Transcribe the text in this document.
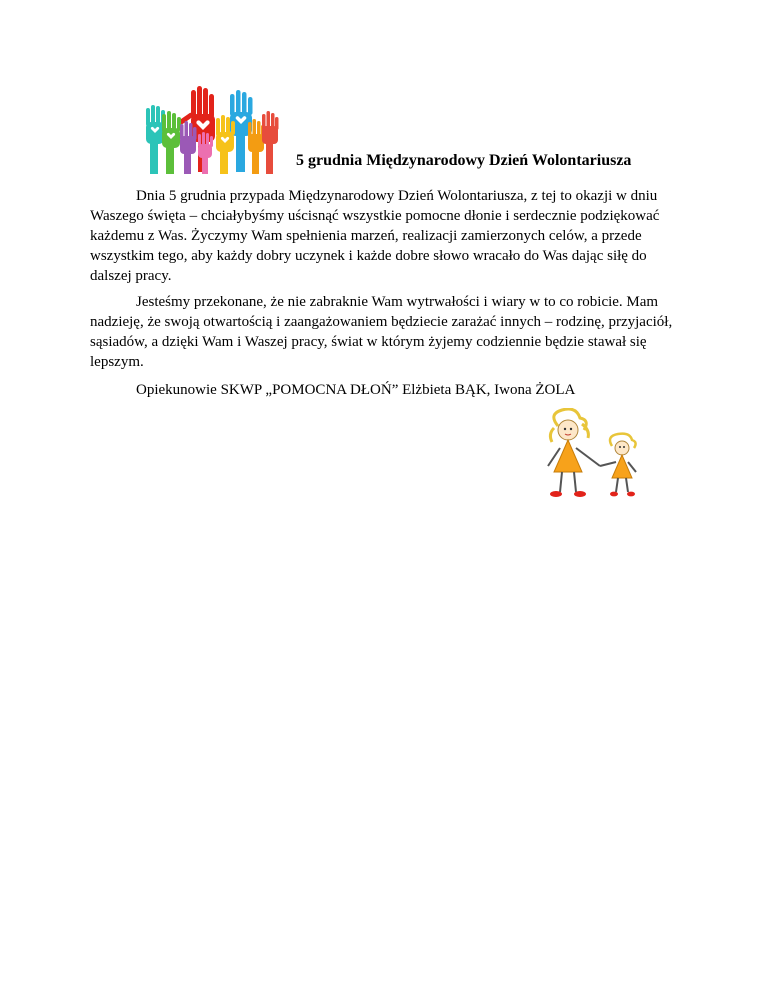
5 grudnia Międzynarodowy Dzień Wolontariusza

Dnia 5 grudnia przypada Międzynarodowy Dzień Wolontariusza, z tej to okazji w dniu Waszego święta – chciałybyśmy uścisnąć wszystkie pomocne dłonie i serdecznie podziękować każdemu z Was. Życzymy Wam spełnienia marzeń, realizacji zamierzonych celów, a przede wszystkim tego, aby każdy dobry uczynek i każde dobre słowo wracało do Was dając siłę do dalszej pracy.

Jesteśmy przekonane, że nie zabraknie Wam wytrwałości i wiary w to co robicie. Mam nadzieję, że swoją otwartością i zaangażowaniem będziecie zarażać innych – rodzinę, przyjaciół, sąsiadów, a dzięki Wam i Waszej pracy, świat w którym żyjemy codziennie będzie stawał się lepszym.

Opiekunowie SKWP „POMOCNA DŁOŃ” Elżbieta BĄK, Iwona ŻOLA
